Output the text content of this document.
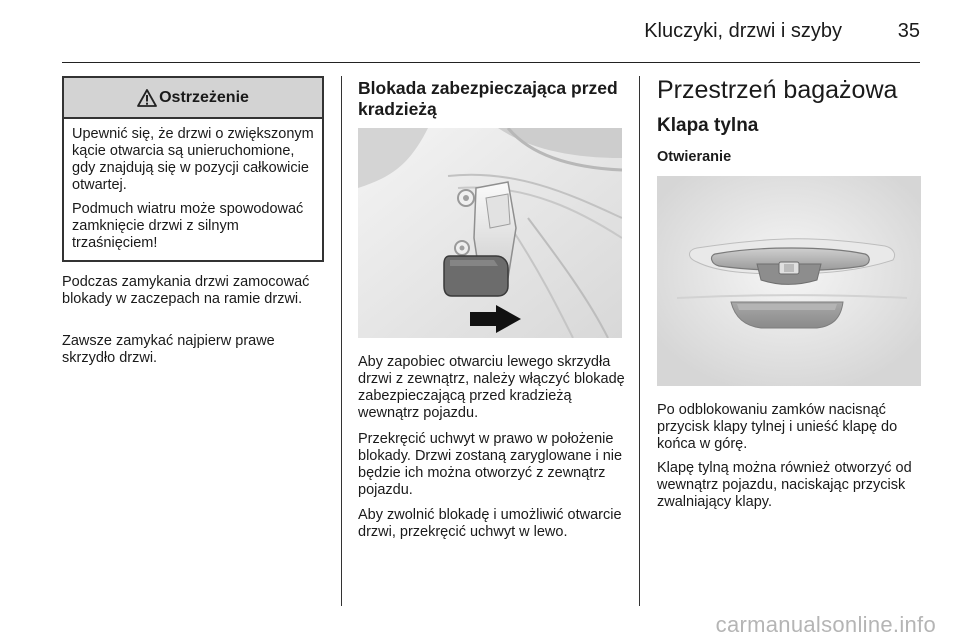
Kluczyki, drzwi i szyby	35
Ostrzeżenie

Upewnić się, że drzwi o zwiększonym kącie otwarcia są unieruchomione, gdy znajdują się w pozycji całkowicie otwartej.

Podmuch wiatru może spowodować zamknięcie drzwi z silnym trzaśnięciem!

Podczas zamykania drzwi zamocować blokady w zaczepach na ramie drzwi.

Zawsze zamykać najpierw prawe skrzydło drzwi.

Blokada zabezpieczająca przed kradzieżą

Aby zapobiec otwarciu lewego skrzydła drzwi z zewnątrz, należy włączyć blokadę zabezpieczającą przed kradzieżą wewnątrz pojazdu.

Przekręcić uchwyt w prawo w położenie blokady. Drzwi zostaną zaryglowane i nie będzie ich można otworzyć z zewnątrz pojazdu.

Aby zwolnić blokadę i umożliwić otwarcie drzwi, przekręcić uchwyt w lewo.

Przestrzeń bagażowa
Klapa tylna
Otwieranie

Po odblokowaniu zamków nacisnąć przycisk klapy tylnej i unieść klapę do końca w górę.

Klapę tylną można również otworzyć od wewnątrz pojazdu, naciskając przycisk zwalniający klapy.

carmanualsonline.info
